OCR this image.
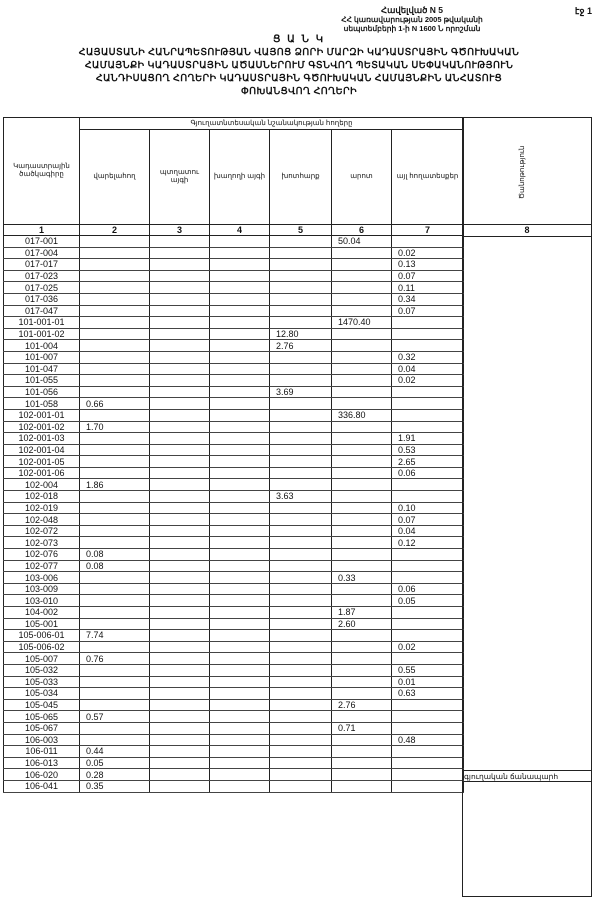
էջ 1
Հավելված N 5
ՀՀ կառավարության 2005 թվականի
սեպտեմբերի 1-ի N 1600 Ն որոշման
Ց Ա Ն Կ
ՀԱՅԱՍՏԱՆԻ ՀԱՆՐԱՊԵՏՈՒԹՅԱՆ ՎԱՅՈՑ ՁՈՐԻ ՄԱՐԶԻ ԿԱԴԱՍՏՐԱՅԻՆ ԳԾՈՒԽԱԿԱՆ
ՀԱՄԱՅՆՔԻ ԿԱԴԱՍՏՐԱՅԻՆ ԱԾԱՍՆԵՐՈՒՄ ԳՏՆՎՈՂ ՊԵՏԱԿԱՆ ՍԵՓԱԿԱՆՈՒԹՅՈՒՆ
ՀԱՆԴԻՍԱՑՈՂ ՀՈՂԵՐԻ ԿԱԴԱՍՏՐԱՅԻՆ ԳԾՈՒԽԱԿԱՆ ՀԱՄԱՅՆՔԻՆ ԱՆՀԱՏՈՒՑ
ՓՈԽԱՆՑՎՈՂ ՀՈՂԵՐԻ
Կադաստրային ծածկագիրը	Գյուղատնտեսական նշանակության հողերը					
	վարելահող	պտղատու այգի	խաղողի այգի	խոտհարք	արոտ	այլ հողատեսքեր
1	2	3	4	5	6	7
017-001					50.04	
017-004						0.02
017-017						0.13
017-023						0.07
017-025						0.11
017-036						0.34
017-047						0.07
101-001-01					1470.40	
101-001-02				12.80		
101-004				2.76		
101-007						0.32
101-047						0.04
101-055						0.02
101-056				3.69		
101-058	0.66					
102-001-01					336.80	
102-001-02	1.70					
102-001-03						1.91
102-001-04						0.53
102-001-05						2.65
102-001-06						0.06
102-004	1.86					
102-018				3.63		
102-019						0.10
102-048						0.07
102-072						0.04
102-073						0.12
102-076	0.08					
102-077	0.08					
103-006					0.33	
103-009						0.06
103-010						0.05
104-002					1.87	
105-001					2.60	
105-006-01	7.74					
105-006-02						0.02
105-007	0.76					
105-032						0.55
105-033						0.01
105-034						0.63
105-045					2.76	
105-065	0.57					
105-067					0.71	
106-003						0.48
106-011	0.44					
106-013	0.05					
106-020	0.28					
106-041	0.35					
Ծանոթություն
8
գյուղական ճանապարհ
